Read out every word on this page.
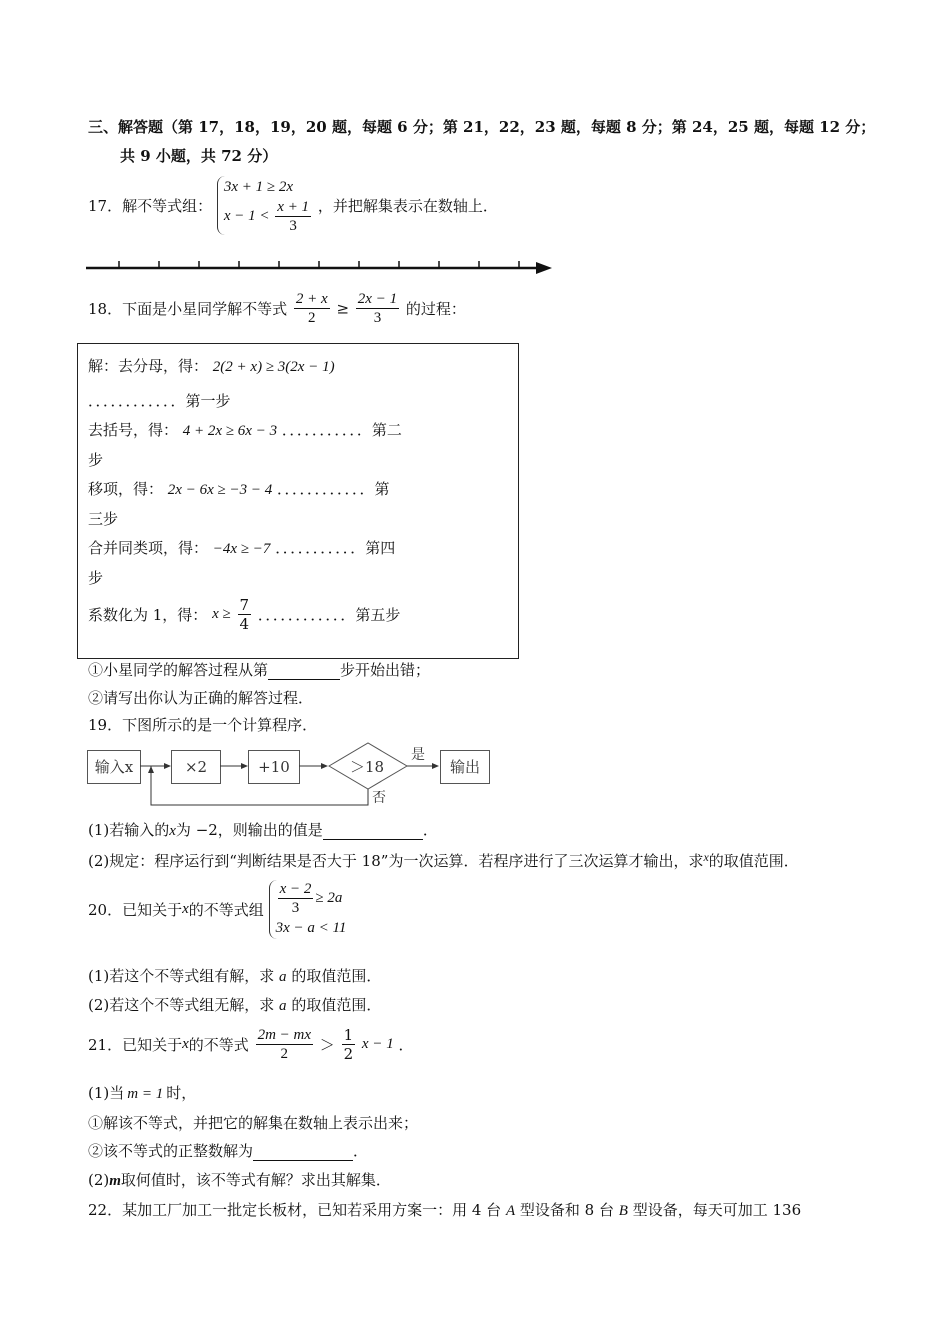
三、解答题（第 17，18，19，20 题，每题 6 分；第 21，22，23 题，每题 8 分；第 24，25 题，每题 12 分；
共 9 小题，共 72 分）
17．解不等式组：
3x + 1 ≥ 2x
$x - 1 < \frac{x + 1}{3}$ ，并把解集表示在数轴上．
18．下面是小星同学解不等式 $\frac{2 + x}{2} \ge \frac{2x - 1}{3}$ 的过程：
解：去分母，得： 2(2 + x) ≥ 3(2x − 1)
．．．．．．．．．．．．第一步
去括号，得： 4 + 2x ≥ 6x − 3 ．．．．．．．．．．．第二
步
移项，得： 2x − 6x ≥ −3 − 4 ．．．．．．．．．．．．第
三步
合并同类项，得： −4x ≥ −7 ．．．．．．．．．．．第四
步
系数化为 1，得： $x \ge \frac{7}{4}$ ．．．．．．．．．．．．第五步
①小星同学的解答过程从第	步开始出错；
②请写出你认为正确的解答过程．
19．下图所示的是一个计算程序．
输入x	×2	+10	＞18
是
否
输出
(1)若输入的x为 −2，则输出的值是	．
(2)规定：程序运行到“判断结果是否大于 18”为一次运算．若程序进行了三次运算才输出，求$^x$的取值范围．
20．已知关于x的不等式组 $\frac{x - 2}{3} \ge 2a$
3x − a < 11
(1)若这个不等式组有解，求 a 的取值范围．
(2)若这个不等式组无解，求 a 的取值范围．
21．已知关于x的不等式 $\frac{2m - mx}{2} > \frac{1}{2}$ x − 1 ．
(1)当 m = 1 时，
①解该不等式，并把它的解集在数轴上表示出来；
②该不等式的正整数解为	．
(2)m取何值时，该不等式有解？求出其解集．
22．某加工厂加工一批定长板材，已知若采用方案一：用 4 台 A 型设备和 8 台 B 型设备，每天可加工 136
